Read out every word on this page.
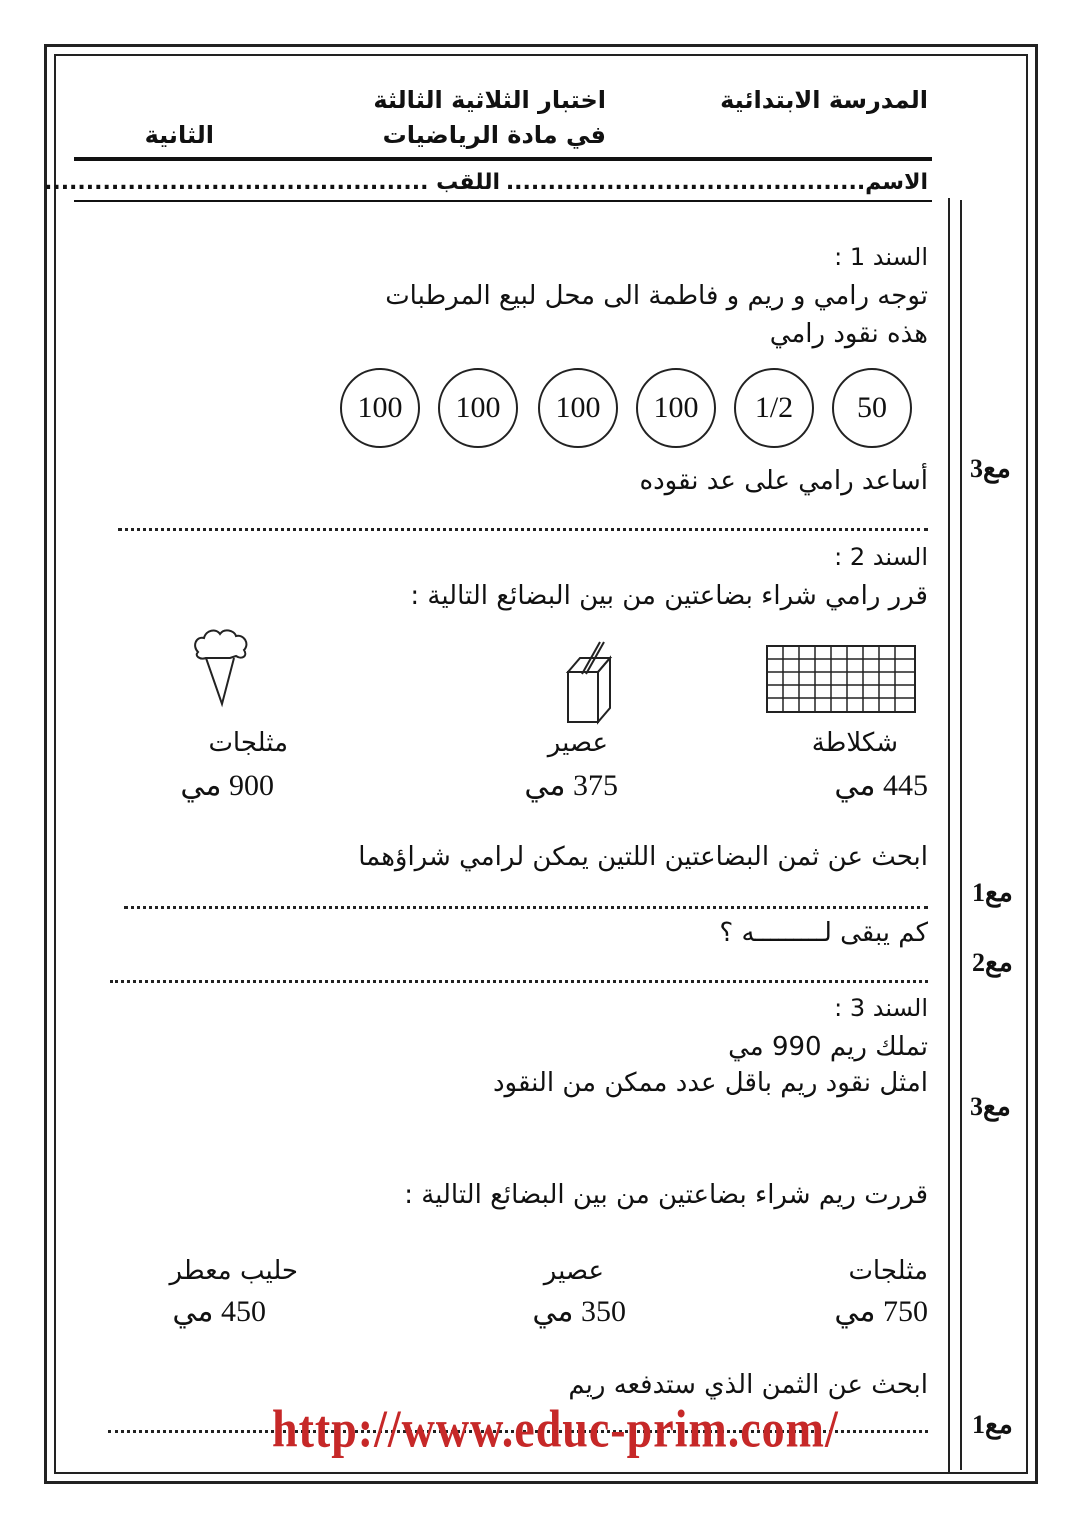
المدرسة الابتدائية
اختبار الثلاثية الثالثة
في مادة الرياضيات
الثانية
الاسم...........................................
اللقب ..............................................
السند 1 :
توجه رامي و ريم و فاطمة الى محل لبيع المرطبات
هذه نقود رامي
50
1/2
100
100
100
100
أساعد رامي على عد نقوده مع3
السند 2 :
قرر رامي شراء بضاعتين من بين البضائع التالية :
شكلاطة
عصير
مثلجات
445 مي
375 مي
900 مي
ابحث عن ثمن البضاعتين اللتين يمكن لرامي شراؤهما
مع1
كم يبقى لـــــــــه ؟
مع2
السند 3 :
تملك ريم 990 مي
امثل نقود ريم باقل عدد ممكن من النقود
مع3
قررت ريم شراء بضاعتين من بين البضائع التالية :
مثلجات
عصير
حليب معطر
750 مي
350 مي
450 مي
ابحث عن الثمن الذي ستدفعه ريم
مع1
http://www.educ-prim.com/
